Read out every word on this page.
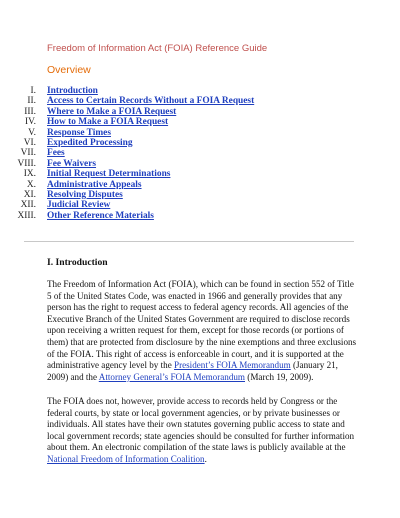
Freedom of Information Act (FOIA) Reference Guide
Overview
I. Introduction
II. Access to Certain Records Without a FOIA Request
III. Where to Make a FOIA Request
IV. How to Make a FOIA Request
V. Response Times
VI. Expedited Processing
VII. Fees
VIII. Fee Waivers
IX. Initial Request Determinations
X. Administrative Appeals
XI. Resolving Disputes
XII. Judicial Review
XIII. Other Reference Materials
I. Introduction
The Freedom of Information Act (FOIA), which can be found in section 552 of Title 5 of the United States Code, was enacted in 1966 and generally provides that any person has the right to request access to federal agency records. All agencies of the Executive Branch of the United States Government are required to disclose records upon receiving a written request for them, except for those records (or portions of them) that are protected from disclosure by the nine exemptions and three exclusions of the FOIA. This right of access is enforceable in court, and it is supported at the administrative agency level by the President’s FOIA Memorandum (January 21, 2009) and the Attorney General’s FOIA Memorandum (March 19, 2009).
The FOIA does not, however, provide access to records held by Congress or the federal courts, by state or local government agencies, or by private businesses or individuals. All states have their own statutes governing public access to state and local government records; state agencies should be consulted for further information about them. An electronic compilation of the state laws is publicly available at the National Freedom of Information Coalition.
